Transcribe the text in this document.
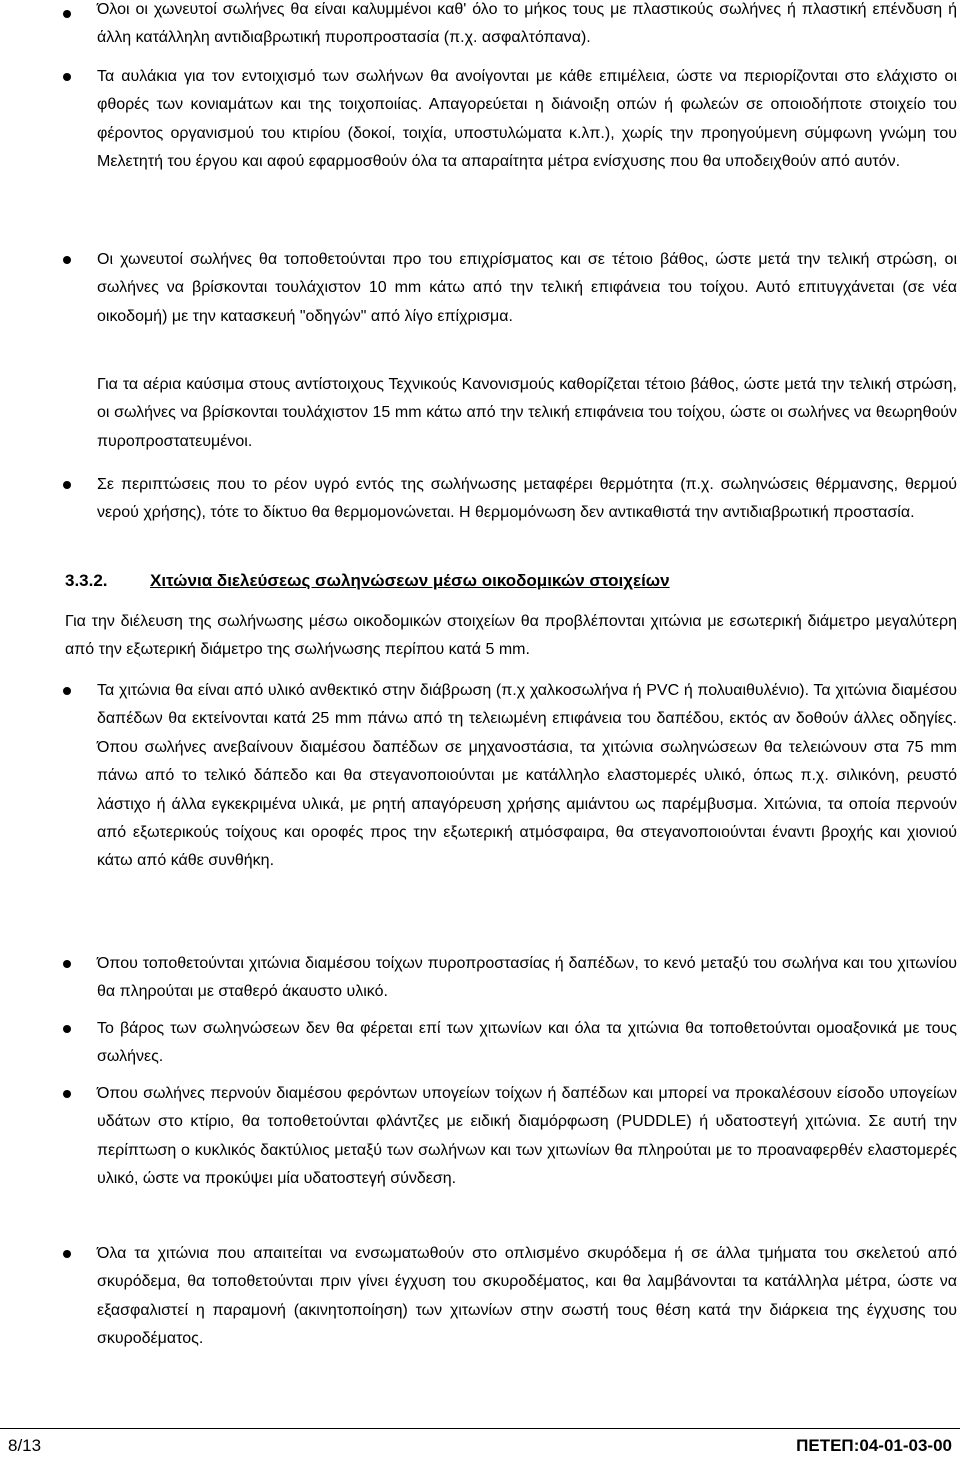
Όλοι οι χωνευτοί σωλήνες θα είναι καλυμμένοι καθ' όλο το μήκος τους με πλαστικούς σωλήνες ή πλαστική επένδυση ή άλλη κατάλληλη αντιδιαβρωτική πυροπροστασία (π.χ. ασφαλτόπανα).

Τα αυλάκια για τον εντοιχισμό των σωλήνων θα ανοίγονται με κάθε επιμέλεια, ώστε να περιορίζονται στο ελάχιστο οι φθορές των κονιαμάτων και της τοιχοποιίας. Απαγορεύεται η διάνοιξη οπών ή φωλεών σε οποιοδήποτε στοιχείο του φέροντος οργανισμού του κτιρίου (δοκοί, τοιχία, υποστυλώματα κ.λπ.), χωρίς την προηγούμενη σύμφωνη γνώμη του Μελετητή του έργου και αφού εφαρμοσθούν όλα τα απαραίτητα μέτρα ενίσχυσης που θα υποδειχθούν από αυτόν.

Οι χωνευτοί σωλήνες θα τοποθετούνται προ του επιχρίσματος και σε τέτοιο βάθος, ώστε μετά την τελική στρώση, οι σωλήνες να βρίσκονται τουλάχιστον 10 mm κάτω από την τελική επιφάνεια του τοίχου. Αυτό επιτυγχάνεται (σε νέα οικοδομή) με την κατασκευή "οδηγών" από λίγο επίχρισμα.

Για τα αέρια καύσιμα στους αντίστοιχους Τεχνικούς Κανονισμούς καθορίζεται τέτοιο βάθος, ώστε μετά την τελική στρώση, οι σωλήνες να βρίσκονται τουλάχιστον 15 mm κάτω από την τελική επιφάνεια του τοίχου, ώστε οι σωλήνες να θεωρηθούν πυροπροστατευμένοι.

Σε περιπτώσεις που το ρέον υγρό εντός της σωλήνωσης μεταφέρει θερμότητα (π.χ. σωληνώσεις θέρμανσης, θερμού νερού χρήσης), τότε το δίκτυο θα θερμομονώνεται. Η θερμομόνωση δεν αντικαθιστά την αντιδιαβρωτική προστασία.

3.3.2. Χιτώνια διελεύσεως σωληνώσεων μέσω οικοδομικών στοιχείων

Για την διέλευση της σωλήνωσης μέσω οικοδομικών στοιχείων θα προβλέπονται χιτώνια με εσωτερική διάμετρο μεγαλύτερη από την εξωτερική διάμετρο της σωλήνωσης περίπου κατά 5 mm.

Τα χιτώνια θα είναι από υλικό ανθεκτικό στην διάβρωση (π.χ χαλκοσωλήνα ή PVC ή πολυαιθυλένιο). Τα χιτώνια διαμέσου δαπέδων θα εκτείνονται κατά 25 mm πάνω από τη τελειωμένη επιφάνεια του δαπέδου, εκτός αν δοθούν άλλες οδηγίες. Όπου σωλήνες ανεβαίνουν διαμέσου δαπέδων σε μηχανοστάσια, τα χιτώνια σωληνώσεων θα τελειώνουν στα 75 mm πάνω από το τελικό δάπεδο και θα στεγανοποιούνται με κατάλληλο ελαστομερές υλικό, όπως π.χ. σιλικόνη, ρευστό λάστιχο ή άλλα εγκεκριμένα υλικά, με ρητή απαγόρευση χρήσης αμιάντου ως παρέμβυσμα. Χιτώνια, τα οποία περνούν από εξωτερικούς τοίχους και οροφές προς την εξωτερική ατμόσφαιρα, θα στεγανοποιούνται έναντι βροχής και χιονιού κάτω από κάθε συνθήκη.

Όπου τοποθετούνται χιτώνια διαμέσου τοίχων πυροπροστασίας ή δαπέδων, το κενό μεταξύ του σωλήνα και του χιτωνίου θα πληρούται με σταθερό άκαυστο υλικό.

Το βάρος των σωληνώσεων δεν θα φέρεται επί των χιτωνίων και όλα τα χιτώνια θα τοποθετούνται ομοαξονικά με τους σωλήνες.

Όπου σωλήνες περνούν διαμέσου φερόντων υπογείων τοίχων ή δαπέδων και μπορεί να προκαλέσουν είσοδο υπογείων υδάτων στο κτίριο, θα τοποθετούνται φλάντζες με ειδική διαμόρφωση (PUDDLE) ή υδατοστεγή χιτώνια. Σε αυτή την περίπτωση ο κυκλικός δακτύλιος μεταξύ των σωλήνων και των χιτωνίων θα πληρούται με το προαναφερθέν ελαστομερές υλικό, ώστε να προκύψει μία υδατοστεγή σύνδεση.

Όλα τα χιτώνια που απαιτείται να ενσωματωθούν στο οπλισμένο σκυρόδεμα ή σε άλλα τμήματα του σκελετού από σκυρόδεμα, θα τοποθετούνται πριν γίνει έγχυση του σκυροδέματος, και θα λαμβάνονται τα κατάλληλα μέτρα, ώστε να εξασφαλιστεί η παραμονή (ακινητοποίηση) των χιτωνίων στην σωστή τους θέση κατά την διάρκεια της έγχυσης του σκυροδέματος.

8/13	ΠΕΤΕΠ:04-01-03-00
